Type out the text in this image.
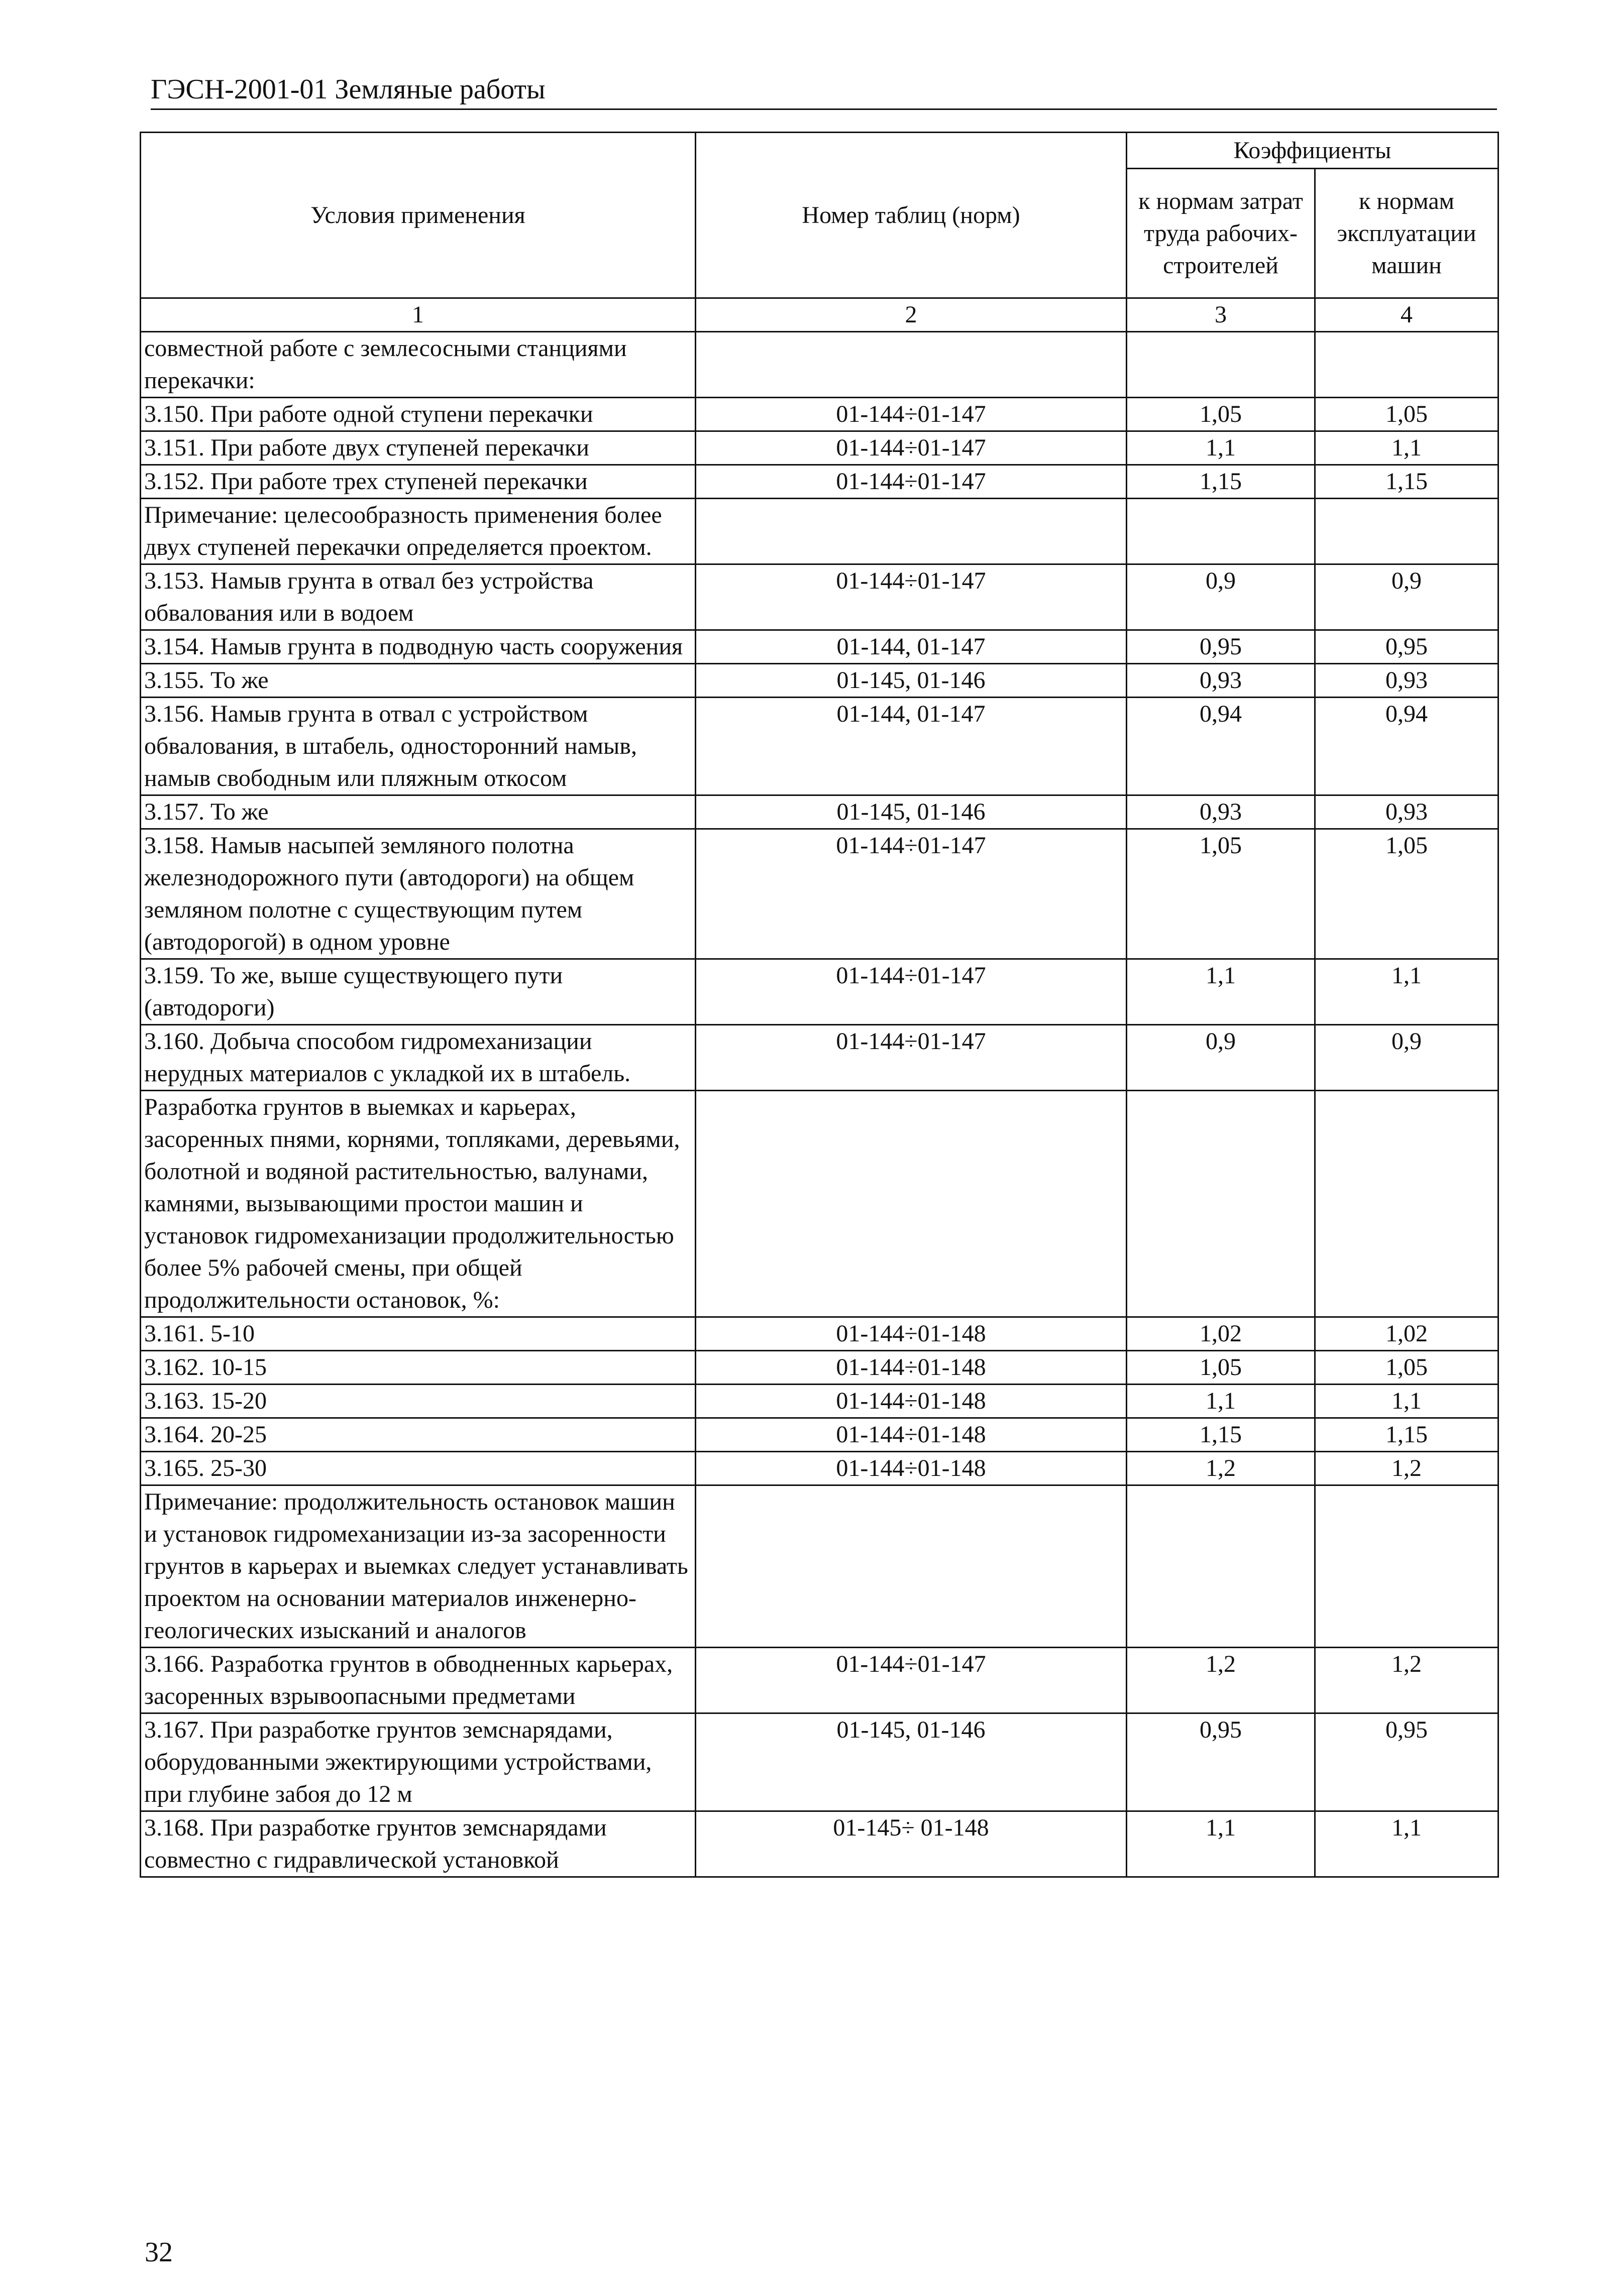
ГЭСН-2001-01 Земляные работы
Условия применения	Номер таблиц (норм)	Коэффициенты	
		к нормам затрат труда рабочих-строителей	к нормам эксплуатации машин
1	2	3	4
совместной работе с землесосными станциями перекачки:			
3.150. При работе одной ступени перекачки	01-144÷01-147	1,05	1,05
3.151. При работе двух ступеней перекачки	01-144÷01-147	1,1	1,1
3.152. При работе трех ступеней перекачки	01-144÷01-147	1,15	1,15
Примечание: целесообразность применения более двух ступеней перекачки определяется проектом.			
3.153. Намыв грунта в отвал без устройства обвалования или в водоем	01-144÷01-147	0,9	0,9
3.154. Намыв грунта в подводную часть сооружения	01-144, 01-147	0,95	0,95
3.155. То же	01-145, 01-146	0,93	0,93
3.156. Намыв грунта в отвал с устройством обвалования, в штабель, односторонний намыв, намыв свободным или пляжным откосом	01-144, 01-147	0,94	0,94
3.157. То же	01-145, 01-146	0,93	0,93
3.158. Намыв насыпей земляного полотна железнодорожного пути (автодороги) на общем земляном полотне с существующим путем (автодорогой) в одном уровне	01-144÷01-147	1,05	1,05
3.159. То же, выше существующего пути (автодороги)	01-144÷01-147	1,1	1,1
3.160. Добыча способом гидромеханизации нерудных материалов с укладкой их в штабель.	01-144÷01-147	0,9	0,9
Разработка грунтов в выемках и карьерах, засоренных пнями, корнями, топляками, деревьями, болотной и водяной растительностью, валунами, камнями, вызывающими простои машин и установок гидромеханизации продолжительностью более 5% рабочей смены, при общей продолжительности остановок, %:			
3.161. 5-10	01-144÷01-148	1,02	1,02
3.162. 10-15	01-144÷01-148	1,05	1,05
3.163. 15-20	01-144÷01-148	1,1	1,1
3.164. 20-25	01-144÷01-148	1,15	1,15
3.165. 25-30	01-144÷01-148	1,2	1,2
Примечание: продолжительность остановок машин и установок гидромеханизации из-за засоренности грунтов в карьерах и выемках следует устанавливать проектом на основании материалов инженерно-геологических изысканий и аналогов			
3.166. Разработка грунтов в обводненных карьерах, засоренных взрывоопасными предметами	01-144÷01-147	1,2	1,2
3.167. При разработке грунтов земснарядами, оборудованными эжектирующими устройствами, при глубине забоя до 12 м	01-145, 01-146	0,95	0,95
3.168. При разработке грунтов земснарядами совместно с гидравлической установкой	01-145÷ 01-148	1,1	1,1
32
